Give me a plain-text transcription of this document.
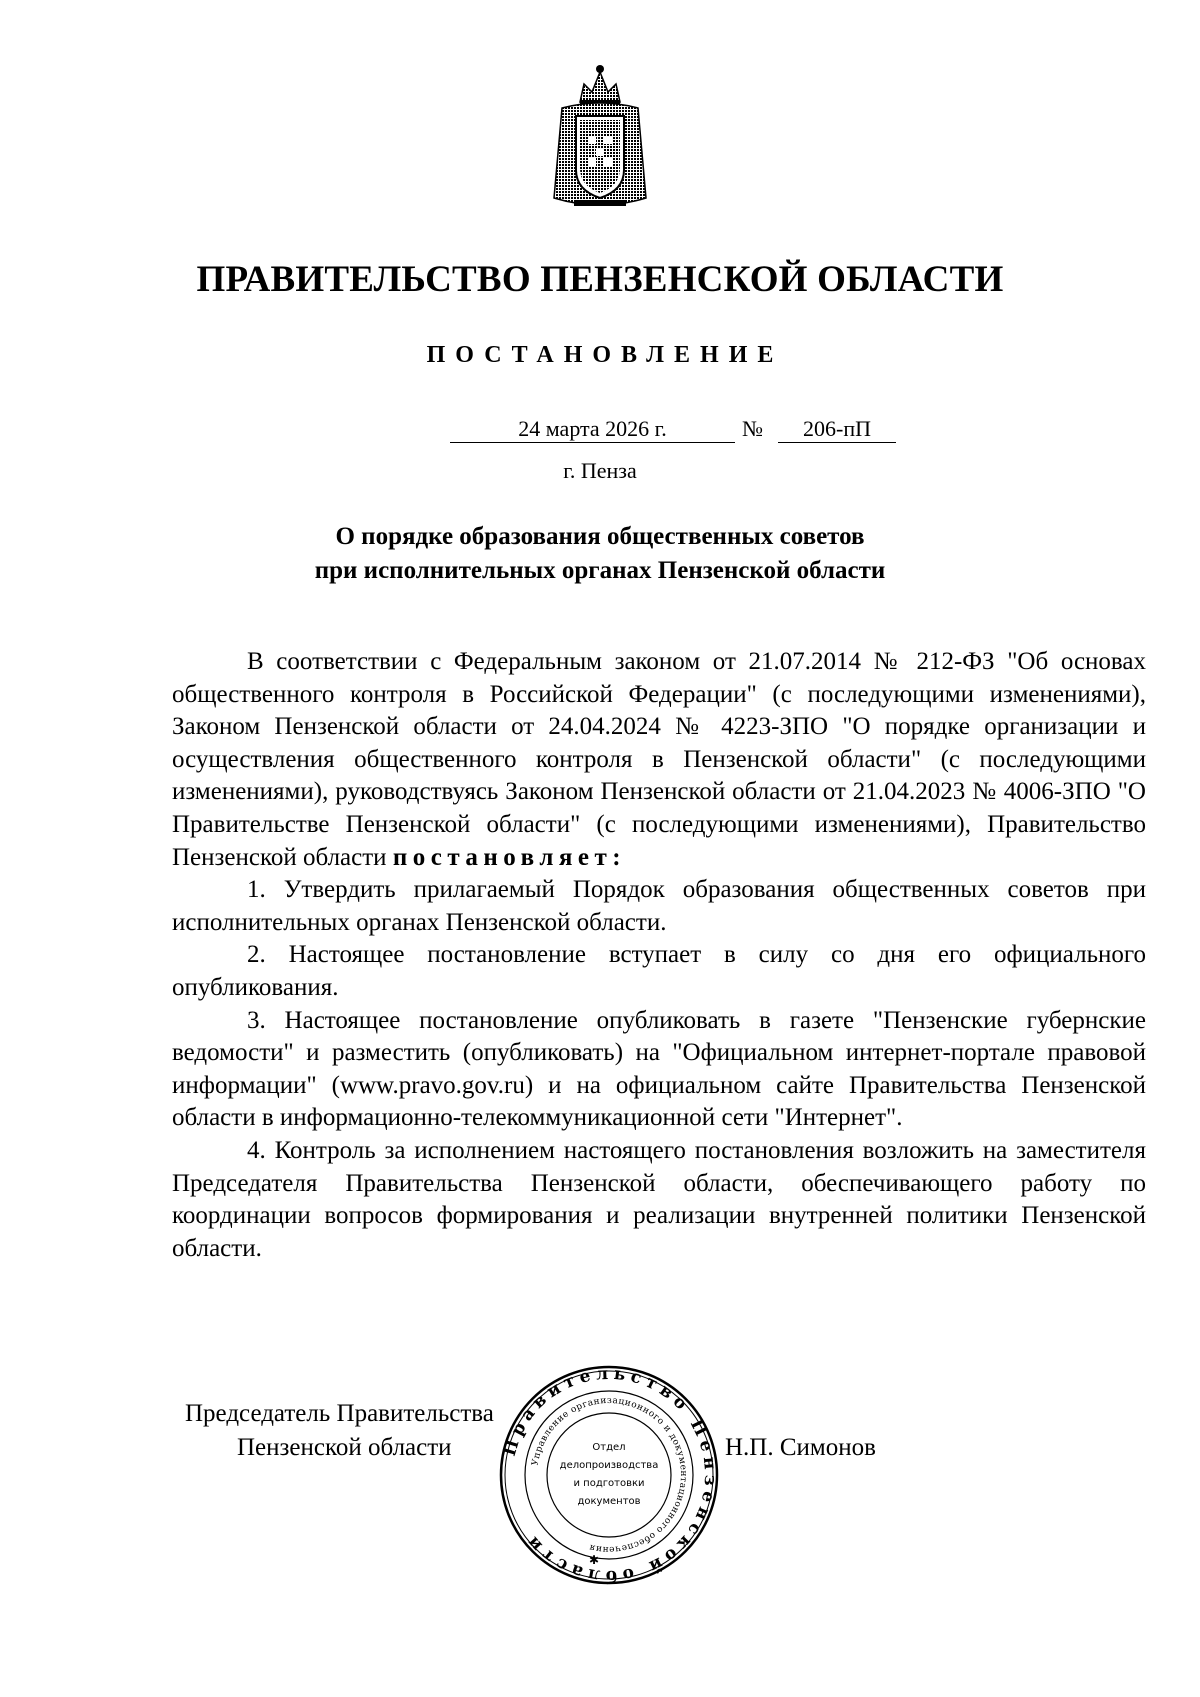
ПРАВИТЕЛЬСТВО ПЕНЗЕНСКОЙ ОБЛАСТИ
ПОСТАНОВЛЕНИЕ
24 марта 2026 г.	№	206-пП
г. Пенза
О порядке образования общественных советов
при исполнительных органах Пензенской области

В соответствии с Федеральным законом от 21.07.2014 № 212-ФЗ "Об основах общественного контроля в Российской Федерации" (с последующими изменениями), Законом Пензенской области от 24.04.2024 № 4223-ЗПО "О порядке организации и осуществления общественного контроля в Пензенской области" (с последующими изменениями), руководствуясь Законом Пензенской области от 21.04.2023 № 4006-ЗПО "О Правительстве Пензенской области" (с последующими изменениями), Правительство Пензенской области постановляет:

1. Утвердить прилагаемый Порядок образования общественных советов при исполнительных органах Пензенской области.

2. Настоящее постановление вступает в силу со дня его официального опубликования.

3. Настоящее постановление опубликовать в газете "Пензенские губернские ведомости" и разместить (опубликовать) на "Официальном интернет-портале правовой информации" (www.pravo.gov.ru) и на официальном сайте Правительства Пензенской области в информационно-телекоммуникационной сети "Интернет".

4. Контроль за исполнением настоящего постановления возложить на заместителя Председателя Правительства Пензенской области, обеспечивающего работу по координации вопросов формирования и реализации внутренней политики Пензенской области.

Председатель Правительства
Пензенской области	Н.П. Симонов
Правительство Пензенской области
Управление организационного и документационного обеспечения
Отдел
делопроизводства
и подготовки
документов
✱
